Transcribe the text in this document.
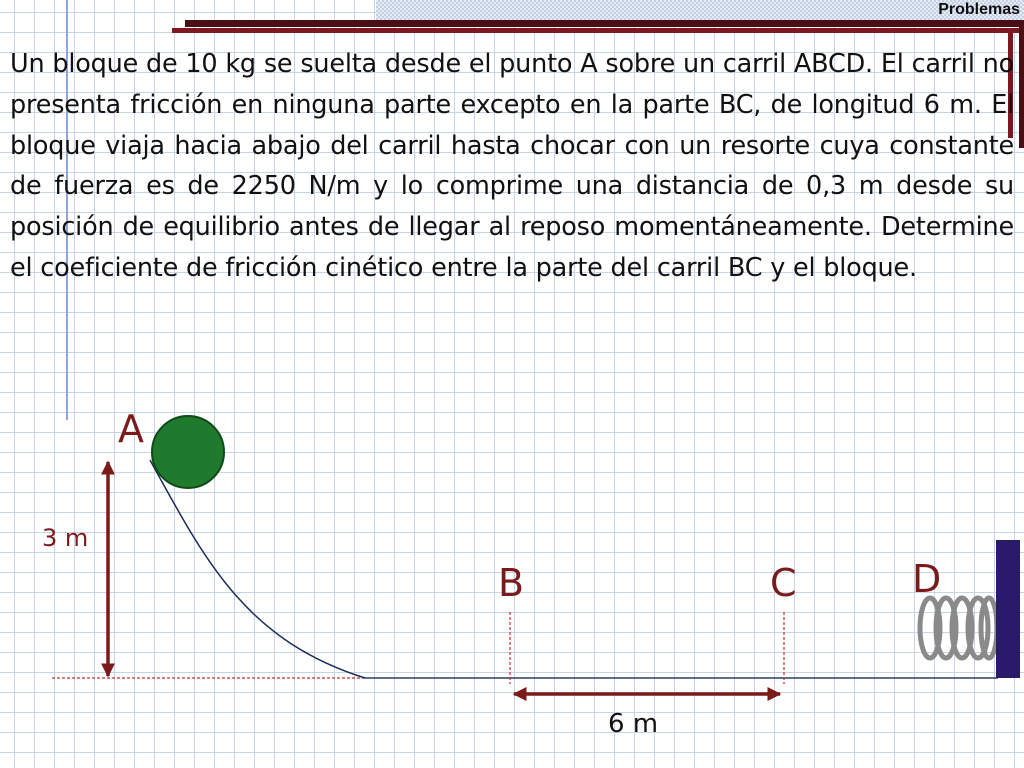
Problemas

Un bloque de 10 kg se suelta desde el punto A sobre un carril ABCD. El carril no presenta fricción en ninguna parte excepto en la parte BC, de longitud 6 m. El bloque viaja hacia abajo del carril hasta chocar con un resorte cuya constante de fuerza es de 2250 N/m y lo comprime una distancia de 0,3 m desde su posición de equilibrio antes de llegar al reposo momentáneamente. Determine el coeficiente de fricción cinético entre la parte del carril BC y el bloque.

3 m
A
B	C	D
6 m
